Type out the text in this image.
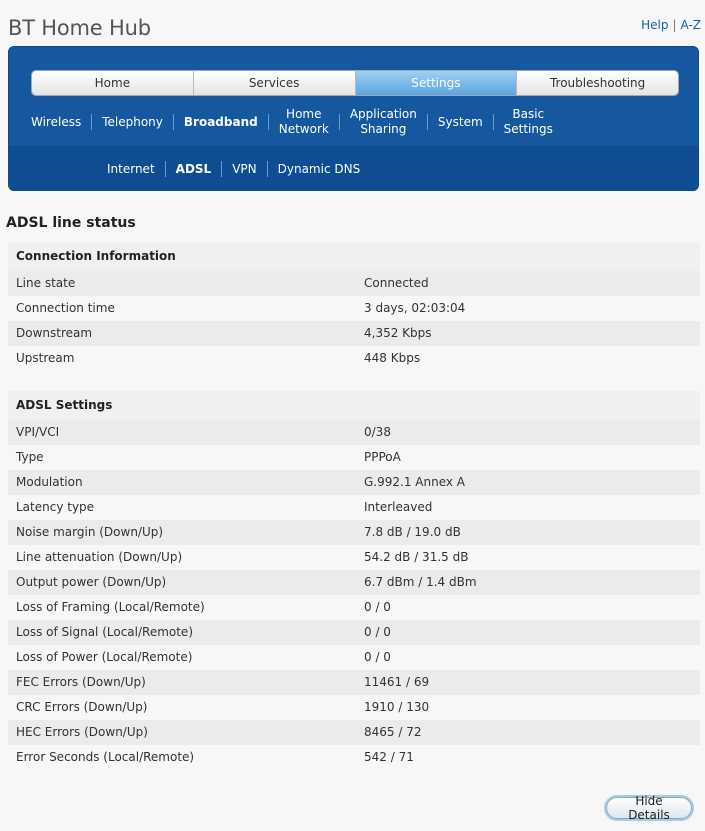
BT Home Hub	Help | A-Z
Home	Services	Settings	Troubleshooting
Wireless	Telephony	Broadband
Home
Network
Application
Sharing
System
Basic
Settings
Internet	ADSL	VPN	Dynamic DNS
ADSL line status
Connection Information
Line state	Connected
Connection time	3 days, 02:03:04
Downstream	4,352 Kbps
Upstream	448 Kbps
ADSL Settings
VPI/VCI	0/38
Type	PPPoA
Modulation	G.992.1 Annex A
Latency type	Interleaved
Noise margin (Down/Up)	7.8 dB / 19.0 dB
Line attenuation (Down/Up)	54.2 dB / 31.5 dB
Output power (Down/Up)	6.7 dBm / 1.4 dBm
Loss of Framing (Local/Remote)	0 / 0
Loss of Signal (Local/Remote)	0 / 0
Loss of Power (Local/Remote)	0 / 0
FEC Errors (Down/Up)	11461 / 69
CRC Errors (Down/Up)	1910 / 130
HEC Errors (Down/Up)	8465 / 72
Error Seconds (Local/Remote)	542 / 71
Hide Details
